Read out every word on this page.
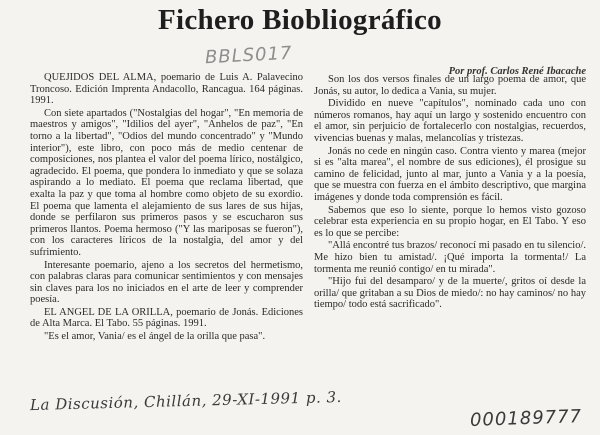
Fichero Biobliográfico
BBLS017
Por prof. Carlos René Ibacache

QUEJIDOS DEL ALMA, poemario de Luis A. Palavecino Troncoso. Edición Imprenta Andacollo, Rancagua. 164 páginas. 1991.

Con siete apartados ("Nostalgias del hogar", "En memoria de maestros y amigos", "Idilios del ayer", "Anhelos de paz", "En torno a la libertad", "Odios del mundo concentrado" y "Mundo interior"), este libro, con poco más de medio centenar de composiciones, nos plantea el valor del poema lírico, nostálgico, agradecido. El poema, que pondera lo inmediato y que se solaza aspirando a lo mediato. El poema que reclama libertad, que exalta la paz y que toma al hombre como objeto de su exordio. El poema que lamenta el alejamiento de sus lares de sus hijas, donde se perfilaron sus primeros pasos y se escucharon sus primeros llantos. Poema hermoso ("Y las mariposas se fueron"), con los caracteres líricos de la nostalgia, del amor y del sufrimiento.

Interesante poemario, ajeno a los secretos del hermetismo, con palabras claras para comunicar sentimientos y con mensajes sin claves para los no iniciados en el arte de leer y comprender poesía.

EL ANGEL DE LA ORILLA, poemario de Jonás. Ediciones de Alta Marca. El Tabo. 55 páginas. 1991.

"Es el amor, Vania/ es el ángel de la orilla que pasa".

Son los dos versos finales de un largo poema de amor, que Jonás, su autor, lo dedica a Vania, su mujer.

Dividido en nueve "capítulos", nominado cada uno con números romanos, hay aquí un largo y sostenido encuentro con el amor, sin perjuicio de fortalecerlo con nostalgias, recuerdos, vivencias buenas y malas, melancolías y tristezas.

Jonás no cede en ningún caso. Contra viento y marea (mejor si es "alta marea", el nombre de sus ediciones), él prosigue su camino de felicidad, junto al mar, junto a Vania y a la poesía, que se muestra con fuerza en el ámbito descriptivo, que margina imágenes y donde toda comprensión es fácil.

Sabemos que eso lo siente, porque lo hemos visto gozoso celebrar esta experiencia en su propio hogar, en El Tabo. Y eso es lo que se percibe:

"Allá encontré tus brazos/ reconocí mi pasado en tu silencio/. Me hizo bien tu amistad/. ¡Qué importa la tormenta!/ La tormenta me reunió contigo/ en tu mirada".

"Hijo fui del desamparo/ y de la muerte/, gritos oí desde la orilla/ que gritaban a su Dios de miedo/: no hay caminos/ no hay tiempo/ todo está sacrificado".

La Discusión, Chillán, 29-XI-1991 p. 3.
000189777
